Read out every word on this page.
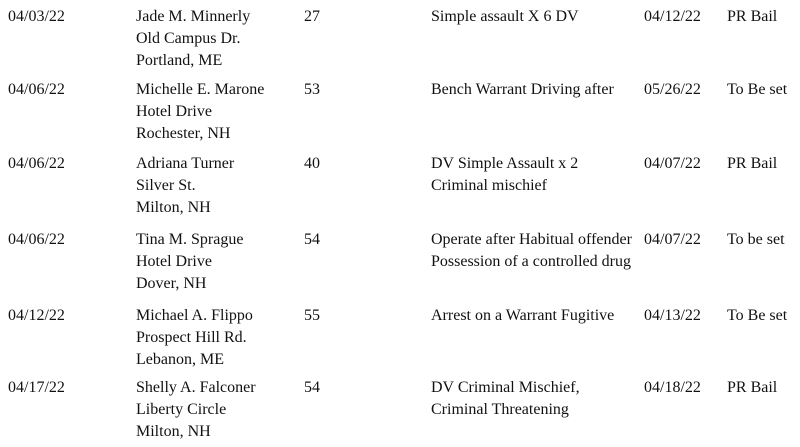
04/03/22	Jade M. Minnerly
Old Campus Dr.
Portland, ME
27	Simple assault X 6 DV	04/12/22 PR Bail
04/06/22	Michelle E. Marone
Hotel Drive
Rochester, NH
53	Bench Warrant Driving after 05/26/22 To Be set
04/06/22	Adriana Turner
Silver St.
Milton, NH
40	DV Simple Assault x 2
Criminal mischief
04/07/22 PR Bail
04/06/22	Tina M. Sprague
Hotel Drive
Dover, NH
54	Operate after Habitual offender
Possession of a controlled drug
04/07/22 To be set
04/12/22	Michael A. Flippo
Prospect Hill Rd.
Lebanon, ME
55	Arrest on a Warrant Fugitive 04/13/22 To Be set
04/17/22	Shelly A. Falconer
Liberty Circle
Milton, NH
54	DV Criminal Mischief,
Criminal Threatening
04/18/22 PR Bail
